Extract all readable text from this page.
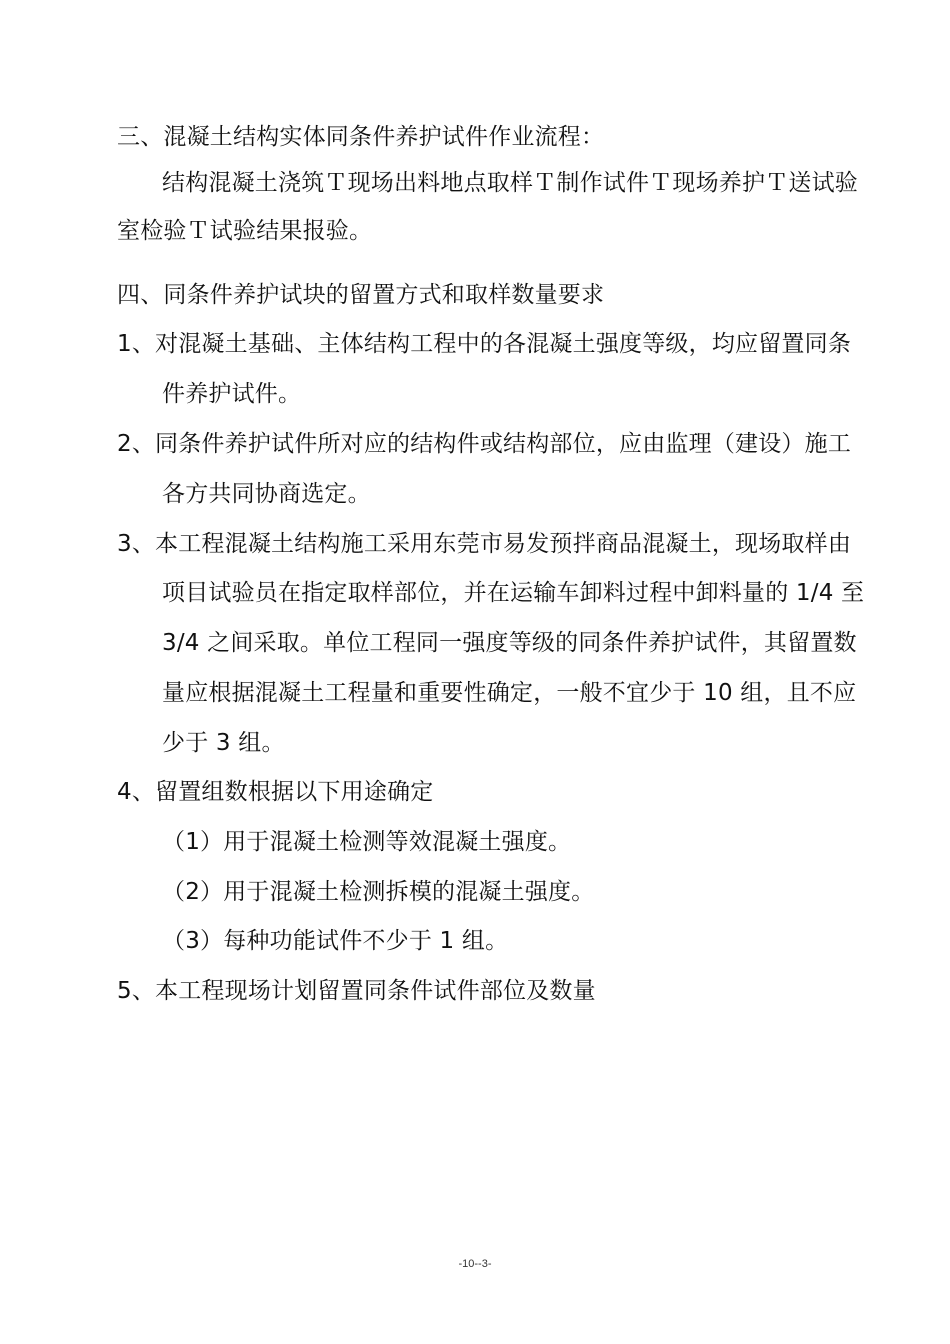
三、混凝土结构实体同条件养护试件作业流程：
结构混凝土浇筑Ｔ现场出料地点取样Ｔ制作试件Ｔ现场养护Ｔ送试验
室检验Ｔ试验结果报验。
四、同条件养护试块的留置方式和取样数量要求
1、对混凝土基础、主体结构工程中的各混凝土强度等级，均应留置同条
件养护试件。
2、同条件养护试件所对应的结构件或结构部位，应由监理（建设）施工
各方共同协商选定。
3、本工程混凝土结构施工采用东莞市易发预拌商品混凝土，现场取样由
项目试验员在指定取样部位，并在运输车卸料过程中卸料量的 1/4 至
3/4 之间采取。单位工程同一强度等级的同条件养护试件，其留置数
量应根据混凝土工程量和重要性确定，一般不宜少于 10 组，且不应
少于 3 组。
4、留置组数根据以下用途确定
（1）用于混凝土检测等效混凝土强度。
（2）用于混凝土检测拆模的混凝土强度。
（3）每种功能试件不少于 1 组。
5、本工程现场计划留置同条件试件部位及数量
-10--3-
